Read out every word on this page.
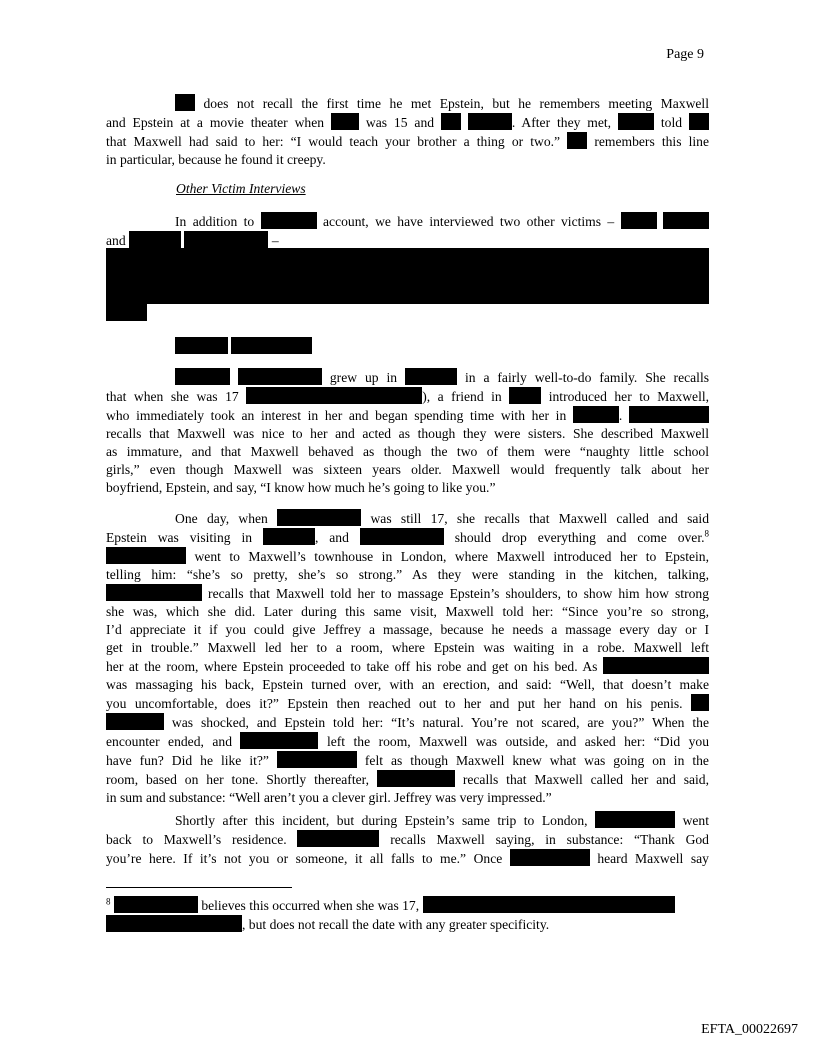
Page 9
does not recall the first time he met Epstein, but he remembers meeting Maxwell
and Epstein at a movie theater when	was 15 and	. After they met,	told
that Maxwell had said to her: “I would teach your brother a thing or two.”	remembers this line
in particular, because he found it creepy.
Other Victim Interviews
In addition to	account, we have interviewed two other victims –
and	–
grew up in	in a fairly well-to-do family. She recalls
that when she was 17	), a friend in	introduced her to Maxwell,
who immediately took an interest in her and began spending time with her in	.
recalls that Maxwell was nice to her and acted as though they were sisters. She described Maxwell
as immature, and that Maxwell behaved as though the two of them were “naughty little school
girls,” even though Maxwell was sixteen years older. Maxwell would frequently talk about her
boyfriend, Epstein, and say, “I know how much he’s going to like you.”
One day, when	was still 17, she recalls that Maxwell called and said
Epstein was visiting in	, and	should drop everything and come over.$^8$
went to Maxwell’s townhouse in London, where Maxwell introduced her to Epstein,
telling him: “she’s so pretty, she’s so strong.” As they were standing in the kitchen, talking,
recalls that Maxwell told her to massage Epstein’s shoulders, to show him how strong
she was, which she did. Later during this same visit, Maxwell told her: “Since you’re so strong,
I’d appreciate it if you could give Jeffrey a massage, because he needs a massage every day or I
get in trouble.” Maxwell led her to a room, where Epstein was waiting in a robe. Maxwell left
her at the room, where Epstein proceeded to take off his robe and get on his bed. As
was massaging his back, Epstein turned over, with an erection, and said: “Well, that doesn’t make
you uncomfortable, does it?” Epstein then reached out to her and put her hand on his penis.
was shocked, and Epstein told her: “It’s natural. You’re not scared, are you?” When the
encounter ended, and	left the room, Maxwell was outside, and asked her: “Did you
have fun? Did he like it?”	felt as though Maxwell knew what was going on in the
room, based on her tone. Shortly thereafter,	recalls that Maxwell called her and said,
in sum and substance: “Well aren’t you a clever girl. Jeffrey was very impressed.”
Shortly after this incident, but during Epstein’s same trip to London,	went
back to Maxwell’s residence.	recalls Maxwell saying, in substance: “Thank God
you’re here. If it’s not you or someone, it all falls to me.” Once	heard Maxwell say
$^8$	believes this occurred when she was 17,
, but does not recall the date with any greater specificity.
EFTA_00022697
